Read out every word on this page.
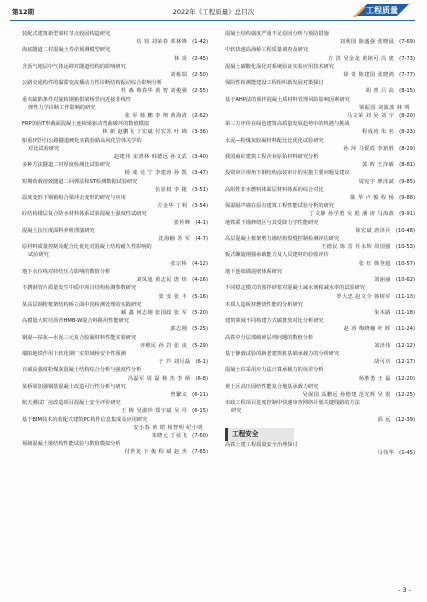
第12期	2022年《工程质量》总目次	工程质量
装配式建筑新型梁柱节点较固构造研究
伍 钧 刘荣春 邓林锋 (1-42)
海底隧道二衬混凝土寿命预测模型研究
林 炎 (2-45)
含沥气地层中气体运移对隧道结构的影响研究
刘栋瑞 (2-50)
公路交通构件的黏滞变流播动力性诊断结构振动综合影响分析
杜 森 蔡春华 黄 智 刘俊强 (2-55)
重夹缺陷条件对旋转钢箱拱梁桥竖向近接非线性
弹性力学诊断工作影响的研究
张 军 韩 鹏 李 翔 黄海清 (2-62)
FRP加固T形截面混凝土连续梁驱动弯曲破坏的数值模拟
林 新 赵鹏飞 丁宏斌 付宏苏 叶 锦 (3-36)
船重(I型号)公路隧道硬化实践验路高风化岩体关学的
对比试验研究
赵建伟 宋鸿林 韩德远 孙文武 (3-40)
多种方法隧道二衬厚度检测比试验研究
杨 成 吴 宁 李建涛 孙 凯 (3-47)
短期荷载溶致隧道二回弹法和ST检测数据试验研究
伍显权 李 捷 (3-51)
温度变形下钢箱组合梁冲击变形的研究与应用
方金华 丁利 (3-54)
砼结构楼层复合防水材料体系试验混凝土强度性试研究
张传峰 (4-1)
混凝土抗压度面料养机理演研究
沈海楠 苏 军 (4-7)
原材料质量控制及配合比优化对混凝土结构耐久性影响的
试验研究
张宗桥 (4-12)
地下水位线对砖结压力影响的数值分析
刘凤旭 黄志民 唐 炜 (4-16)
不锈钢管片质量发生中质中项目结构检测参数研究
张 安 张 丰 (5-16)
某高层钢桁框架结构桥立面中国检测处理的实践研究
臧 鑫 何志刚 张国政 张 军 (5-20)
高模量大粒径沥青HMB-W混合料路用性能研究
郭志刚 (5-25)
钢混—钴灰—水泥三元复合胶凝材料性能实验研究
齐维民 孙 岩 张 凌 (5-29)
墙陷地铁作用下软化钢厂实带域桥安全性预测
于 芦 刘月磊 (6-1)
百威高强度粉煤灰混凝土结构综合分析与强度性分析
冯磊军 周 磊 杨 杰 李 炳 (6-8)
某桥梁加强钢筋混凝土改造可行性分析与研究
曾繁义 (6-11)
航天测试厂房改造项目混凝土安全评价研究
王 梅 吴淑珍 郑宇斌 吴 丹 (6-15)
基于BIM技术的装配式建筑PC构件信息集成及应用研究
安小春 黄 珺 杨智明 纪小明
朱晓元 丁弦飞 (7-60)
预制混凝土梁结构性能试验与数值模拟分析
付世龙 卞 俊 程 斌 赵 杰 (7-65)
混凝土结构强度严重不足原因分析与预防措施
刘利国 陈盛强 张晓晨 (7-69)
中软快速高海桥工程质量调查及研究
方 洪 吴金龙 黄铭可 冯 建 (7-73)
混凝土碳酸化深化对系统验证实验应用技术研究
徐 奇 陈建国 张晓鸿 (7-77)
保险性检测能建设工程组织新发展对策探讨
胡 普 吕 高 (8-15)
基于AHP法的预拌混凝土质材料管理风险影响因素研究
梁振国 刘演波 林 明
马文荣 刘 昊 刘 宇 (8-20)
第三方评价在绿色建筑高质量发展趋势中的机遇与挑战
程成涛 朱 名 (8-23)
水泥—粉煤灰胶凝材料配比比优化试验研究
孙 萍 马悦霞 李新胜 (8-29)
我国商砼建筑工程企业原始材料研究分析
郭 晖 王泽敏 (8-81)
投资审计视角下钢结构涂装审计的实施主要问题及建议
周宪宇 廖泽斌 (9-85)
高阻性非水燃料体面层材料体系的综合对比
陈 华 卢 俊 程 杨 (9-88)
保温隔声墙在原有建筑工程性能试验分析的研究
丁文静 孙学勇 吴 彪 潘 涛 马海波 (9-91)
地铁联下锚修缮区与其受降力学性能研究
徐宏斌 唐泽兵 (10-48)
高层混凝土框架剪力墙结构裂缝控制检测评估研究
王德民 陈 晋 任永辉 周国强 (10-53)
板式螺旋钢锚承载能力及人员建材的验收评价
张 红 韩登超 (10-57)
地下连续墙混壁体系研究
刘丽丽 (10-62)
不同稳定模式的预拌砂浆对混凝土减水剂和减水率的试验研究
罗大忠 赵文全 韩树军 (11-13)
木质人造板材燃烧性能的分析研究
朱本路 (11-18)
建筑领域不同构建方式碳排放对比分析研究
赵 涛 梅晓楠 叶 晖 (11-24)
高铁中分层部破碎层列问题的数值分析
刘泽伟 (12-12)
基于静载试验的新老建筑桩基础承载力的分析研究
胡可庆 (12-17)
混凝土柱采用应力法计算承载力的误差分析
杨胜勇 王 磊 (12-20)
黄土区高压固结性能复合地基承载力研究
吴保国 高鹏远 孙德建 范光辉 吴 震 (12-25)
市政工程项目进度控制中快速审查网络计划关键线路的方法
研究
邱 远 (12-39)
工程安全
高铁土建工程质量安全治理探讨
马伟华 (1-45)
- 3 -
